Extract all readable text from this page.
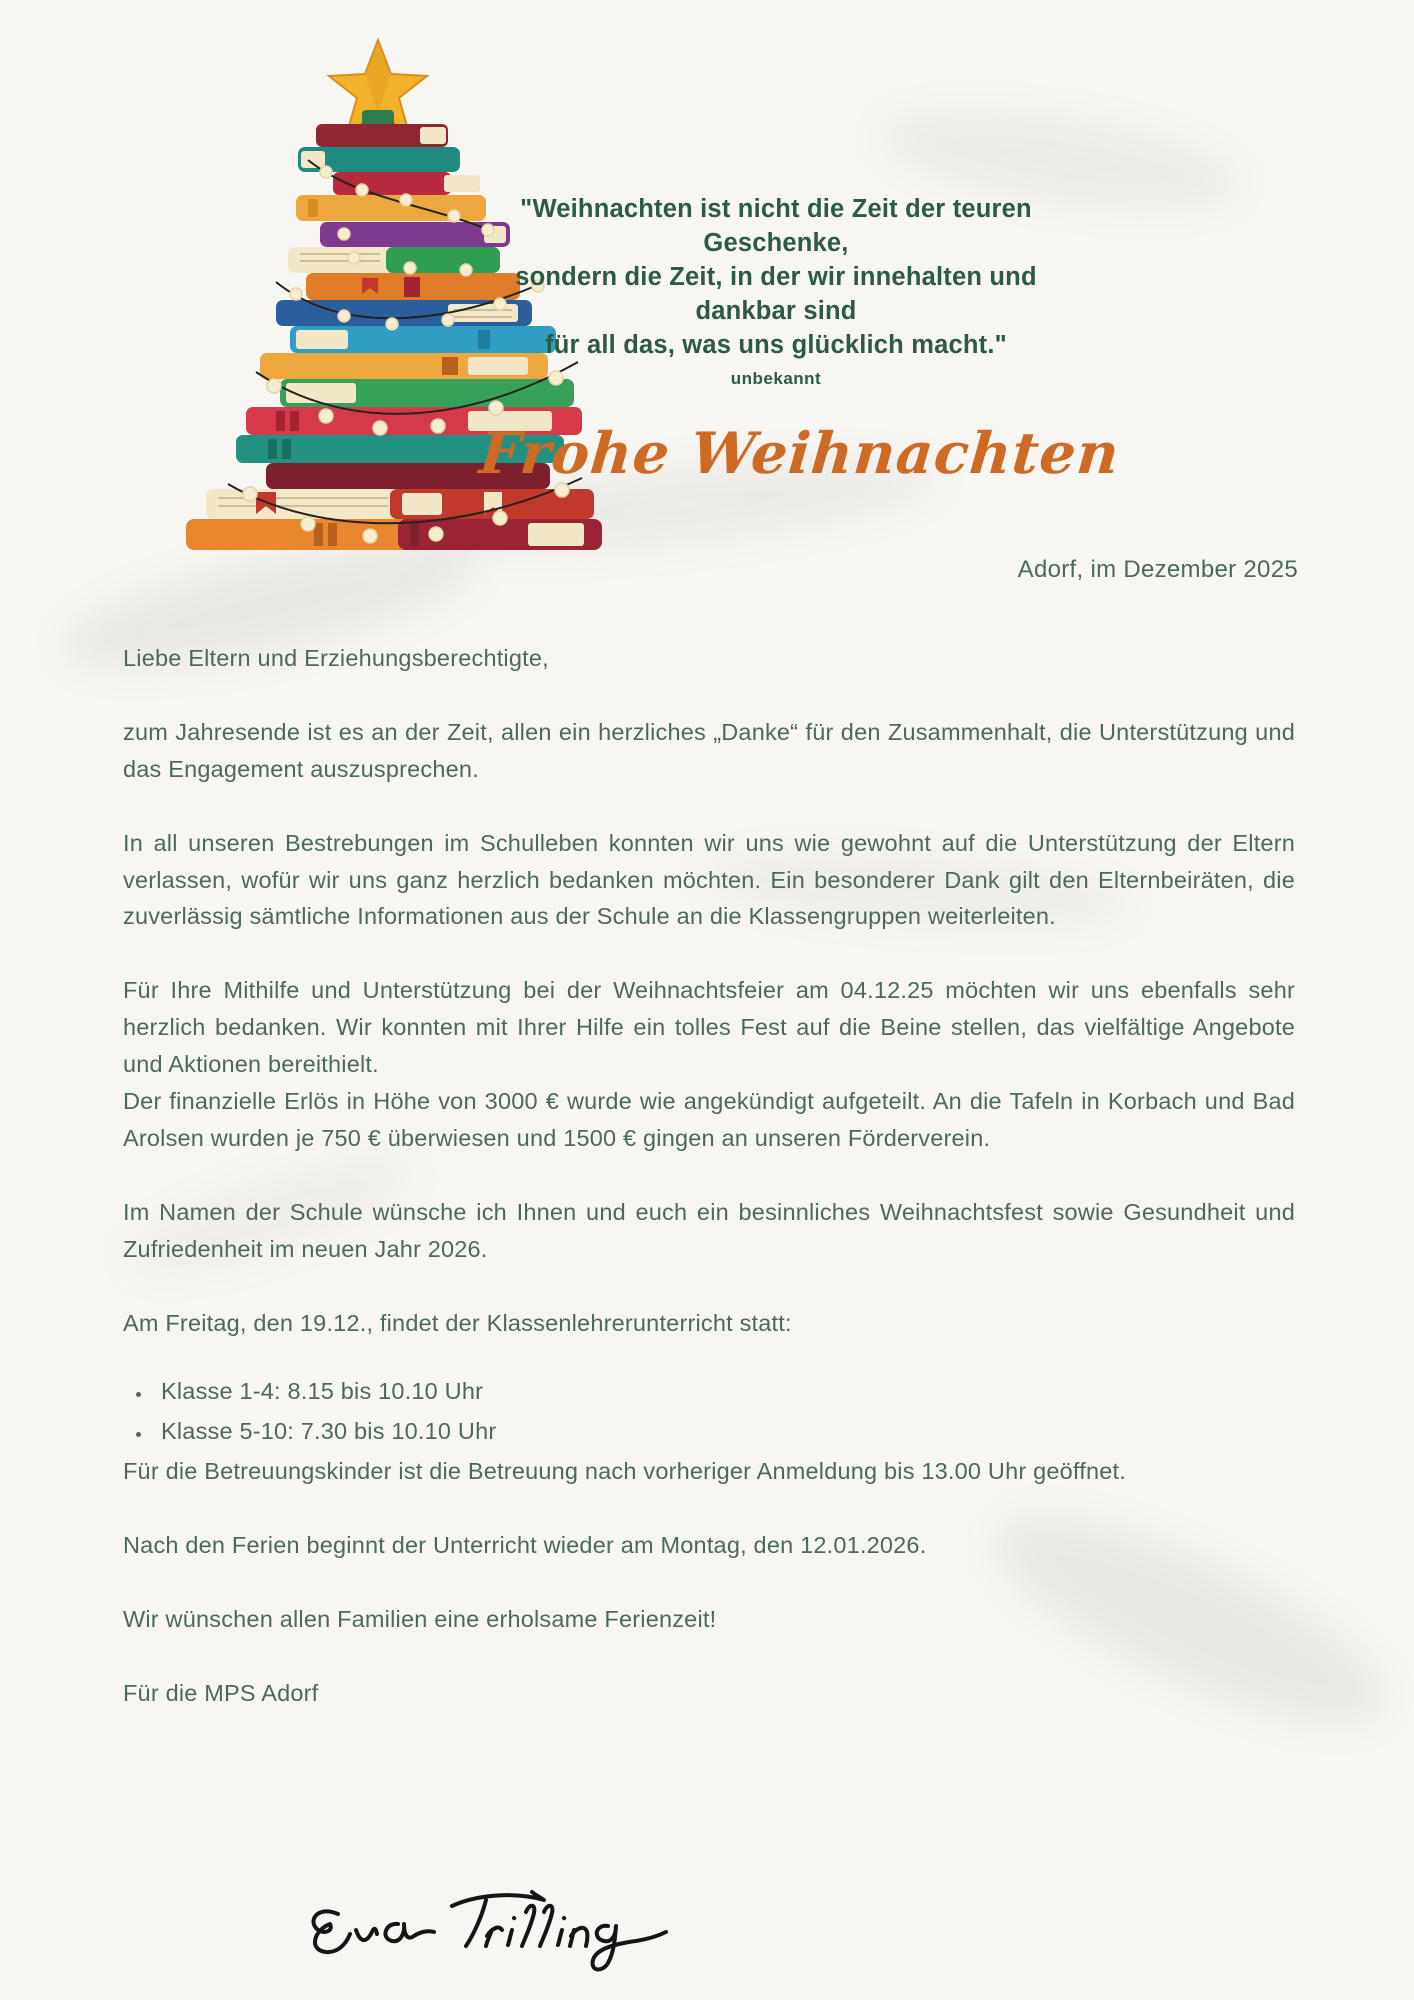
"Weihnachten ist nicht die Zeit der teuren Geschenke,
sondern die Zeit, in der wir innehalten und dankbar sind
für all das, was uns glücklich macht."
unbekannt
Frohe Weihnachten
Adorf, im Dezember 2025

Liebe Eltern und Erziehungsberechtigte,

zum Jahresende ist es an der Zeit, allen ein herzliches „Danke“ für den Zusammenhalt, die Unterstützung und das Engagement auszusprechen.

In all unseren Bestrebungen im Schulleben konnten wir uns wie gewohnt auf die Unterstützung der Eltern verlassen, wofür wir uns ganz herzlich bedanken möchten. Ein besonderer Dank gilt den Elternbeiräten, die zuverlässig sämtliche Informationen aus der Schule an die Klassengruppen weiterleiten.

Für Ihre Mithilfe und Unterstützung bei der Weihnachtsfeier am 04.12.25 möchten wir uns ebenfalls sehr herzlich bedanken. Wir konnten mit Ihrer Hilfe ein tolles Fest auf die Beine stellen, das vielfältige Angebote und Aktionen bereithielt.

Der finanzielle Erlös in Höhe von 3000 € wurde wie angekündigt aufgeteilt. An die Tafeln in Korbach und Bad Arolsen wurden je 750 € überwiesen und 1500 € gingen an unseren Förderverein.

Im Namen der Schule wünsche ich Ihnen und euch ein besinnliches Weihnachtsfest sowie Gesundheit und Zufriedenheit im neuen Jahr 2026.

Am Freitag, den 19.12., findet der Klassenlehrerunterricht statt:

• Klasse 1-4: 8.15 bis 10.10 Uhr
• Klasse 5-10: 7.30 bis 10.10 Uhr

Für die Betreuungskinder ist die Betreuung nach vorheriger Anmeldung bis 13.00 Uhr geöffnet.

Nach den Ferien beginnt der Unterricht wieder am Montag, den 12.01.2026.

Wir wünschen allen Familien eine erholsame Ferienzeit!

Für die MPS Adorf
